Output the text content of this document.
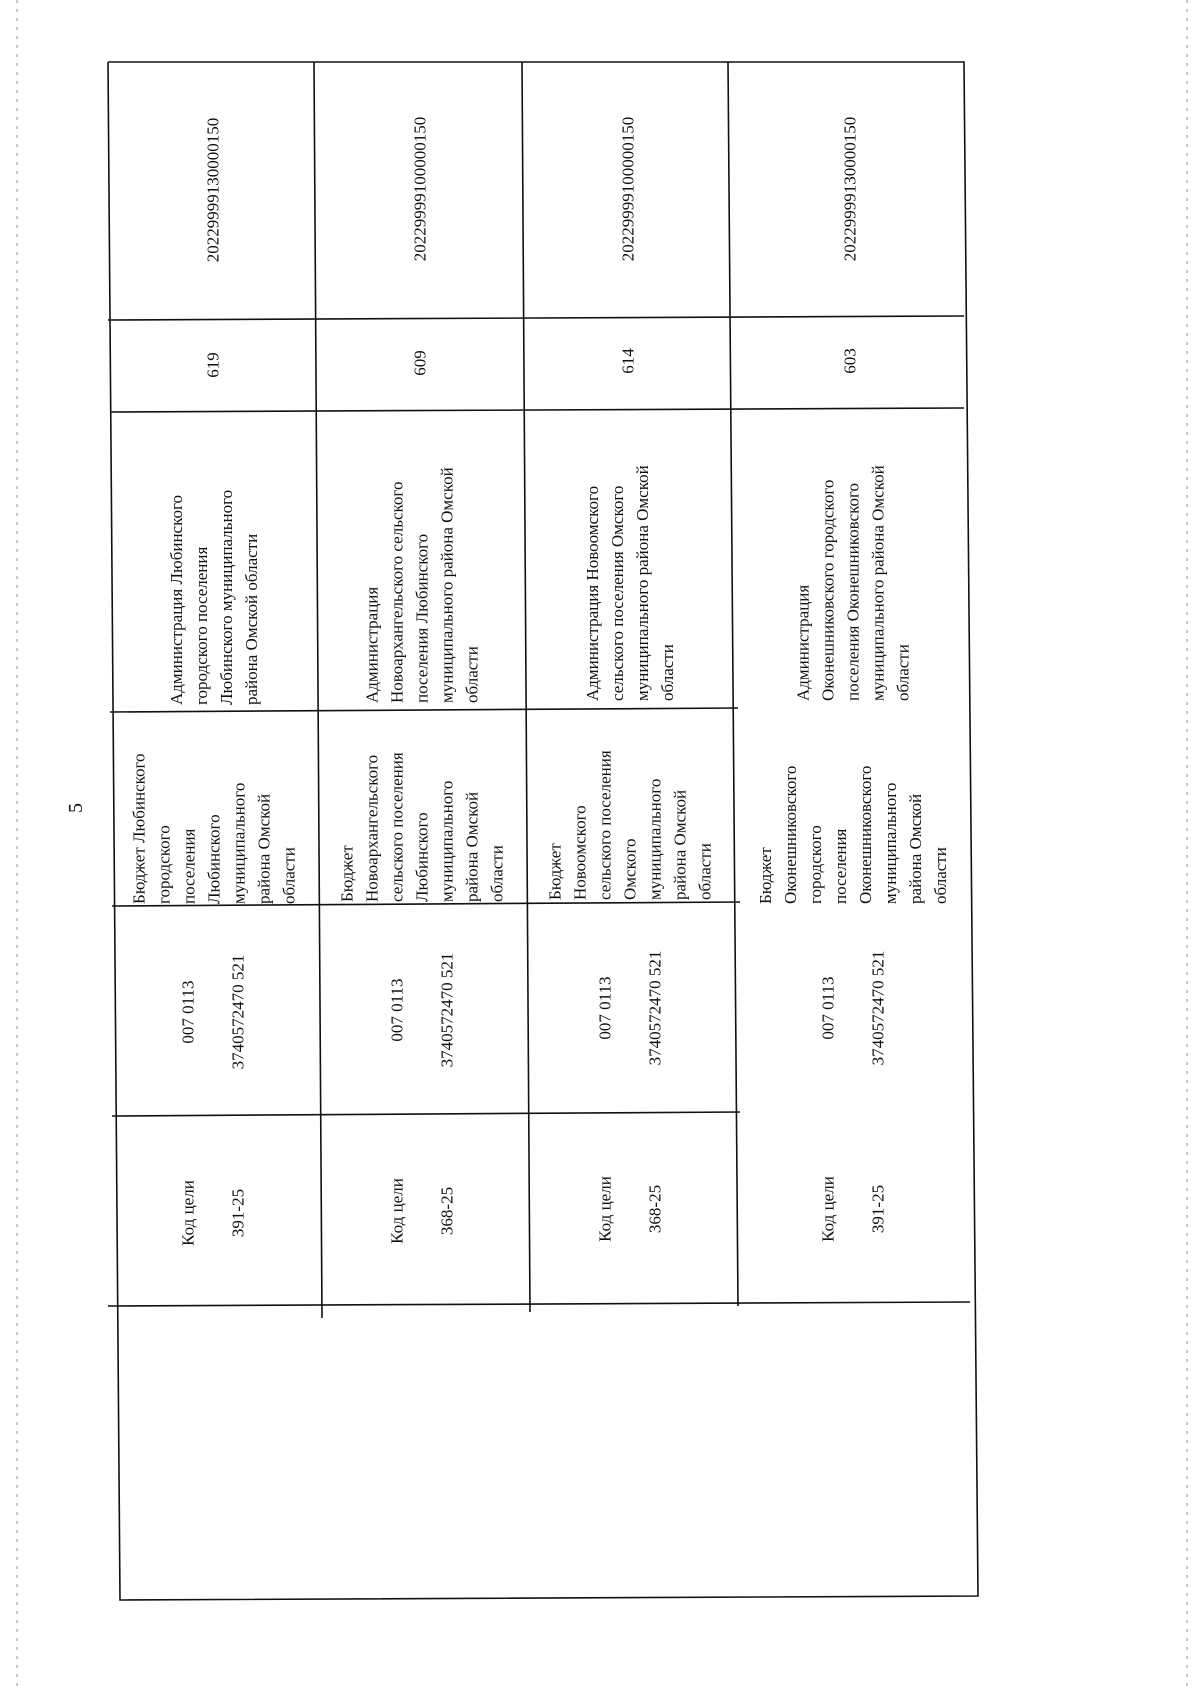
5

Код цели 391-25

007 0113 3740572470 521

Бюджет Любинского
городского
поселения
Любинского
муниципального
района Омской
области
Администрация Любинского
городского поселения
Любинского муниципального
района Омской области
619
20229999130000150

Код цели 368-25

007 0113 3740572470 521

Бюджет
Новоархангельского
сельского поселения
Любинского
муниципального
района Омской
области
Администрация
Новоархангельского сельского
поселения Любинского
муниципального района Омской
области
609
20229999100000150

Код цели 368-25

007 0113 3740572470 521

Бюджет
Новоомского
сельского поселения
Омского
муниципального
района Омской
области
Администрация Новоомского
сельского поселения Омского
муниципального района Омской
области
614
20229999100000150

Код цели 391-25

007 0113 3740572470 521

Бюджет
Оконешниковского
городского
поселения
Оконешниковского
муниципального
района Омской
области
Администрация
Оконешниковского городского
поселения Оконешниковского
муниципального района Омской
области
603
20229999130000150
